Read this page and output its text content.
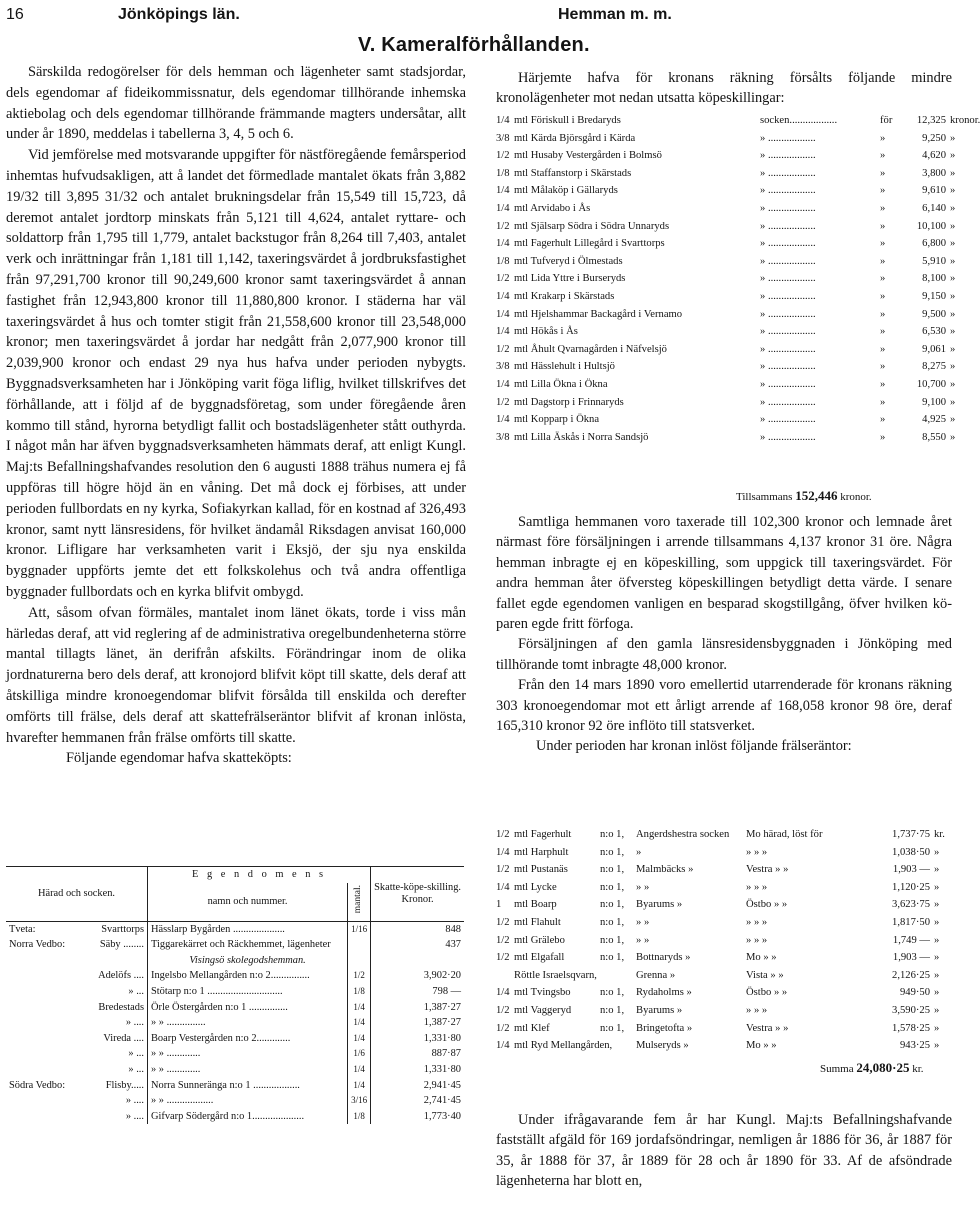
16	Jönköpings län.	Hemman m. m.
V. Kameralförhållanden.

Särskilda redogörelser för dels hemman och lägenheter samt stadsjordar, dels egendomar af fideikommissnatur, dels egendomar tillhörande inhemska aktiebolag och dels egendomar tillhörande främmande magters undersåtar, allt under år 1890, meddelas i tabellerna 3, 4, 5 och 6.

Vid jemförelse med motsvarande uppgifter för nästföregående femårsperiod inhemtas hufvudsakligen, att å landet det förmedlade mantalet ökats från 3,882 19/32 till 3,895 31/32 och antalet brukningsdelar från 15,549 till 15,723, då deremot antalet jordtorp minskats från 5,121 till 4,624, antalet ryttare- och soldattorp från 1,795 till 1,779, antalet backstugor från 8,264 till 7,403, antalet verk och inrättningar från 1,181 till 1,142, taxeringsvärdet å jordbruksfastighet från 97,291,700 kronor till 90,249,600 kronor samt taxeringsvärdet å annan fastighet från 12,943,800 kronor till 11,880,800 kronor. I städerna har väl taxeringsvärdet å hus och tomter stigit från 21,558,600 kronor till 23,548,000 kronor; men taxeringsvärdet å jordar har nedgått från 2,077,900 kronor till 2,039,900 kronor och endast 29 nya hus hafva under perioden nybygts. Byggnadsverksamheten har i Jönköping varit föga liflig, hvilket tillskrifves det förhållande, att i följd af de byggnadsföretag, som under föregående åren kommo till stånd, hyrorna betydligt fallit och bostadslägenheter stått outhyrda. I något mån har äfven byggnadsverksamheten hämmats deraf, att enligt Kungl. Maj:ts Befallningshafvandes resolution den 6 augusti 1888 trähus numera ej få uppföras till högre höjd än en våning. Det må dock ej förbises, att under perioden fullbordats en ny kyrka, Sofiakyrkan kallad, för en kostnad af 326,493 kronor, samt nytt länsresidens, för hvilket ändamål Riksdagen anvisat 160,000 kronor. Lifligare har verksamheten varit i Eksjö, der sju nya enskilda byggnader uppförts jemte det ett folkskolehus och två andra offentliga byggnader fullbordats och en kyrka blifvit ombygd.

Att, såsom ofvan förmäles, mantalet inom länet ökats, torde i viss mån härledas deraf, att vid reglering af de administrativa oregelbundenheterna större mantal tillagts länet, än derifrån afskilts. Förändringar inom de olika jordnaturerna bero dels deraf, att kronojord blifvit köpt till skatte, dels deraf att åtskilliga mindre kronoegendomar blifvit försålda till enskilda och derefter omförts till frälse, dels deraf att skattefrälseräntor blifvit af kronan inlösta, hvarefter hemmanen från frälse omförts till skatte.

Följande egendomar hafva skatteköpts:

Härad och socken.	E g e n d o m e n s		Skatte-köpe-skilling.
Kronor.
	namn och nummer.	mantal.	
Tveta: Svarttorps	Hässlarp Bygården ....................	1/16	848
Norra Vedbo: Säby ........	Tiggarekärret och Räckhemmet, lägenheter		437

	Visingsö skolegodshemman.		

Adelöfs ....	Ingelsbo Mellangården n:o 2...............	1/2	3,902·20

» ...	Stötarp n:o 1 .............................	1/8	798 —

Bredestads	Örle Östergården n:o 1 ...............	1/4	1,387·27

» ....	» » ...............	1/4	1,387·27

Vireda ....	Boarp Vestergården n:o 2.............	1/4	1,331·80

» ...	» » .............	1/6	887·87

» ...	» » .............	1/4	1,331·80
Södra Vedbo: Flisby.....	Norra Sunneränga n:o 1 ..................	1/4	2,941·45

» ....	» » ..................	3/16	2,741·45

» ....	Gifvarp Södergård n:o 1....................	1/8	1,773·40

Härjemte hafva för kronans räkning försålts följande mindre kronolägenheter mot nedan utsatta köpeskillingar:

1/4 mtl Föriskull i Bredaryds	socken..................	för	12,325 kronor.
3/8 mtl Kärda Björsgård i Kärda	» ..................	»	9,250 »
1/2 mtl Husaby Vestergården i Bolmsö	» ..................	»	4,620 »
1/8 mtl Staffanstorp i Skärstads	» ..................	»	3,800 »
1/4 mtl Målaköp i Gällaryds	» ..................	»	9,610 »
1/4 mtl Arvidabo i Ås	» ..................	»	6,140 »
1/2 mtl Själsarp Södra i Södra Unnaryds	» ..................	»	10,100 »
1/4 mtl Fagerhult Lillegård i Svarttorps	» ..................	»	6,800 »
1/8 mtl Tufveryd i Ölmestads	» ..................	»	5,910 »
1/2 mtl Lida Yttre i Burseryds	» ..................	»	8,100 »
1/4 mtl Krakarp i Skärstads	» ..................	»	9,150 »
1/4 mtl Hjelshammar Backagård i Vernamo	» ..................	»	9,500 »
1/4 mtl Hökås i Ås	» ..................	»	6,530 »
1/2 mtl Åhult Qvarnagården i Näfvelsjö	» ..................	»	9,061 »
3/8 mtl Hässlehult i Hultsjö	» ..................	»	8,275 »
1/4 mtl Lilla Ökna i Ökna	» ..................	»	10,700 »
1/2 mtl Dagstorp i Frinnaryds	» ..................	»	9,100 »
1/4 mtl Kopparp i Ökna	» ..................	»	4,925 »
3/8 mtl Lilla Äskås i Norra Sandsjö	» ..................	»	8,550 »
Tillsammans 152,446 kronor.

Samtliga hemmanen voro taxerade till 102,300 kronor och lemnade året närmast före försäljningen i arrende tillsammans 4,137 kronor 31 öre. Några hemman inbragte ej en köpeskilling, som uppgick till taxeringsvärdet. För andra hemman åter öfversteg köpeskillingen betydligt detta värde. I senare fallet egde egendomen vanligen en besparad skogstillgång, öfver hvilken köparen egde fritt förfoga.

Försäljningen af den gamla länsresidensbyggnaden i Jönköping med tillhörande tomt inbragte 48,000 kronor.

Från den 14 mars 1890 voro emellertid utarrenderade för kronans räkning 303 kronoegendomar mot ett årligt arrende af 168,058 kronor 98 öre, deraf 165,310 kronor 92 öre inflöto till statsverket.

Under perioden har kronan inlöst följande frälseräntor:

1/2 mtl Fagerhult	n:o 1, Angerdshestra socken Mo härad, löst för	1,737·75 kr.
1/4 mtl Harphult	n:o 1, »	» » »	1,038·50 »
1/2 mtl Pustanäs	n:o 1, Malmbäcks »	Vestra » »	1,903 — »
1/4 mtl Lycke	n:o 1, » »	» » »	1,120·25 »
1 mtl Boarp	n:o 1, Byarums »	Östbo » »	3,623·75 »
1/2 mtl Flahult	n:o 1, » »	» » »	1,817·50 »
1/2 mtl Grälebo	n:o 1, » »	» » »	1,749 — »
1/2 mtl Elgafall	n:o 1, Bottnaryds »	Mo » »	1,903 — »
Röttle Israelsqvarn,	Grenna »	Vista » »	2,126·25 »
1/4 mtl Tvingsbo	n:o 1, Rydaholms »	Östbo » »	949·50 »
1/2 mtl Vaggeryd	n:o 1, Byarums »	» » »	3,590·25 »
1/2 mtl Klef	n:o 1, Bringetofta »	Vestra » »	1,578·25 »
1/4 mtl Ryd Mellangården, Mulseryds »	Mo » »	943·25 »
Summa 24,080·25 kr.

Under ifrågavarande fem år har Kungl. Maj:ts Befallningshafvande fastställt afgäld för 169 jordafsöndringar, nemligen år 1886 för 36, år 1887 för 35, år 1888 för 37, år 1889 för 28 och år 1890 för 33. Af de afsöndrade lägenheterna har blott en,
